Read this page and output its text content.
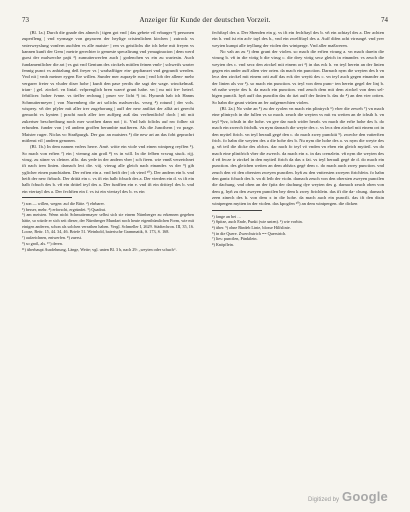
73	Anzeiger für Kunde der deutschen Vorzeit.	74

(Bl. 1a.) Durch die gnade des almech | tigen got vnd | das gebete vil vrbarger ¹) personen zuperfleng | vnd vyrmage von gnyawen der heylige cristenlichen kirchen | zutrock vs vnterweyslung vonfern auchlen vs alle maiste- | ren vs geistlichs die ich hebe mit freyen vs kannen kunft der Gem | metrie gerechter ir gemeste specalirung vnd yrmaginacion | dem werd gurst der malwerche pajü ²) zumutterwerfen auch | godenchen vs ein zu wartesin. Auch fundamentlicher die art | vs gut vnd Gentum des circkels mittlen feinen vmb- | schweifs warter fennig punct vs anhtzlung deß freyer vs | warhafftiger ein- gepftanzet vnd gegrundt werden. Vnd nit | vmb meiner eygen Ere willen. Sunder mer zuprayfe rum | vnd lob der allem- mehr vergarer freier vs vluder diser hohe | kunft den pase yerdis die sagt der wage. winckelmaß. trian- | gel. zirckel. vn linial. vrfprenglich bren waeré grunt habe. vn | nu mit fre- heterf. fehtilicer. hoher fvnne. vs tieffer rechnug | pruer vn- licht ³) ist. Hyrumb hab ich Hanns Schmuttermeyer | von Nuremberg die art solichs malwercks. vrsvg ⁴) rotund | der vols. wispery. vñ der pfyler mit aller irer zugehorung | auff der new antlitzt der alltä art gerecht gemacht vs kynten | pracht nach aller irer auffpeg auß das verftentlicht! doch | nit mit zukertser beschreibung noch mer worthen dann not | it. Vnd hab folichs auf nw folher sit erfunden. funder von | vil andern groffen berumbte maifteren. Als die Juncthern | vo prage. Maister ruger. Niclas vo Straßpurgk. Der gar. an maisters ⁵) die new art an das fobt geprachrt mitlenst vil | andern genonen.

(Bl. 1b.) In dem namen vnfers herre. Amë. witte ein viole vnd einen wintperg reyffen ⁶). So mach von erften ⁷) ein | vierung ain groß ⁸) vs in will. In die felben vrsvug stuck. rijj. virug. zu stiner vs cleiner. alfo. das yede in der andern vber | sch fteen. wie vnnß verzeichnet ift nach iren linien. darnach leci die. viij. vierug alle gleich nach einander. vs der ⁹) gib yglicher einen punchtaben. Der erften ein a. vnd heift der | ob vierd ¹⁰). Der andern ein b. vnd heift der new ftrbuch. Der drittä ein c. vs ift ein halb fcbuch des a. Der vierden ein d. vs ift ein halb fcbuch des b. vñ ein drittel teyl des a. Der funfften ein e. vnd ift ein dritteyl des b. vnd ein viertayl des a. Der fechften ein f. vs ist ein viertayl des b. vs ein

¹) son — willen, wegen: auf die Bitte. ²) ehrbarer.
³) besser, mehr. ⁴) erforscht, ergründet. ⁵) Quadrat.
⁶) am meisten. Wenn nicht Schmuttermayer selbst sich sie einem Nürnberger zu erkennen gegeben hätte, so würde er sich seit dieser, der Nürnberger Mundart noch heute eigenthümlichen Form, wie mit einigen anderen, schon als solchen verrathen haben. Vergl. Schmeller I, 2629. Städtechron. III, 35, 16. Loose, Beitr. 15, 44. 34, 46. Briefe 51. Weinhold, baierische Grammatik, S. 173, S. 168.
⁷) aufzeichnen, entwerfen. ⁸) zuerst.
⁹) so groß, als. ¹⁰) deren.
¹¹) überhaupt Ausdehnung, Länge, Weite; vgl. unten Bl. 3 b, nach 29: „weyten oder schuch“.

fechftayl des a. Der Sbenden ein g. vs ift ein fechftayl des b. vñ ein achtayl des a. Der achten ein h. vnd ist ein ach- tayl des b., vnd ein zwelfftayl des a. Auff difen acht virrungé. vnd yrer weyten kumpt alle teyllung der violen des wintperge. Vnd aller maßweren.

No vah an zu ¹) dem grunt der violen. so mach die erften virung a. vn mach darein die virung b. vñ in die virüg b die virug c. die drey virüg secz gleich in einander. vs zeuch die weyten des c. vnd secz den zirckel mit einem ort ²) in das eck h. vn teyl herein an der linien gegen ein ander auff alien vier orten. da mach ein punction. Darnach nym die weyten des h vn lecz den zirckel mit einem ortt auff das eck der weytü des c. vn teyl auch gegen einander an der linien als vor ³). so mach ein punction. vs teyl von dem punc- ten herein gegel der linj b. vñ nahe weyte des b. da mach ein punction. vnd zeuch dem mit dem zirckel von dem sel- bigen punctli. hyñ auff das punctlin das do itzt auff der linien b. das do ⁴) an den vier ortten. So habn die grunt virüen an fer aufgemechten violen.

(Bl. 2a.) No vahe an ⁵) zu der ryolen vn mach ein plintrych ⁶) vber die zeweh ⁷) vn mach eine plintrych in die fullen vs so mach. zeuch die weyten vs mit vu weiten an de ichsth h. vn teyl ⁸)vz, ichsth in die hohe. vn gee dar nach wider herab. vn mach die erfte hohe des h. do mach ein zwerch frichdk. vn nym darnach die weyte des c. vs lecz den zirckel mit einem ort in den myttel ftrich. vn teyl herauß gegé den c. do mach zwey puncktü ⁹). zweche den vatterften frich. fo habn die weyten des a die hohe des b. Nu nym die hohe des a. vs nym die weyte des g. vñ teil die dicke des obfcrs. dar nach fo teyl vö vnden vn eben ein gleich mytteil. vn do mach eine plintfrich vber die zwerch. da mach ein x. in das crenzlein. vñ nym die weyten des d vñ fecze ir zirckel in den mytteil ftrich da das x fat. vs teyl herauß gegé de d. do mach ein punction. des gleichen weiten an dem abhäcs gegé dem c. do mach auch zwey punction. vnd zeuch den vö den obersten zweyen punctlen. hyñ zu den vnttersten zweyen ftrichfein. fo habn den gantz fchuch des b. vn di leib der violn. darnach zeuch von den obersten zweyen punctlen die dachung. vnd oben an der fpitz der dachung dye weyten des g. darnach zeuch oben von dem g. hyñ zu den zweyen punctlen bey dem k zwey ftrichlein. das ift die da- chung. darnach zeen zinech des b. von dem x in die hohe. da mach auch ein punctli. das ift den disin wintpergen mytten in der violen. das kpogfen ¹⁰) an dem wintpergen. die dicken

¹) fange an bei …
²) Spitze, auch Ende, Punkt (wie unten). ³) wie vorhin.
⁴) über. ⁵) ohne Bindeb Linie, blosse Hilfslinie.
⁶) in die Quere. Zwerchstrich == Querstrich.
⁷) lies: punctlen, Pünktlein.
⁸) Knöpflein.
Digitized by Google
